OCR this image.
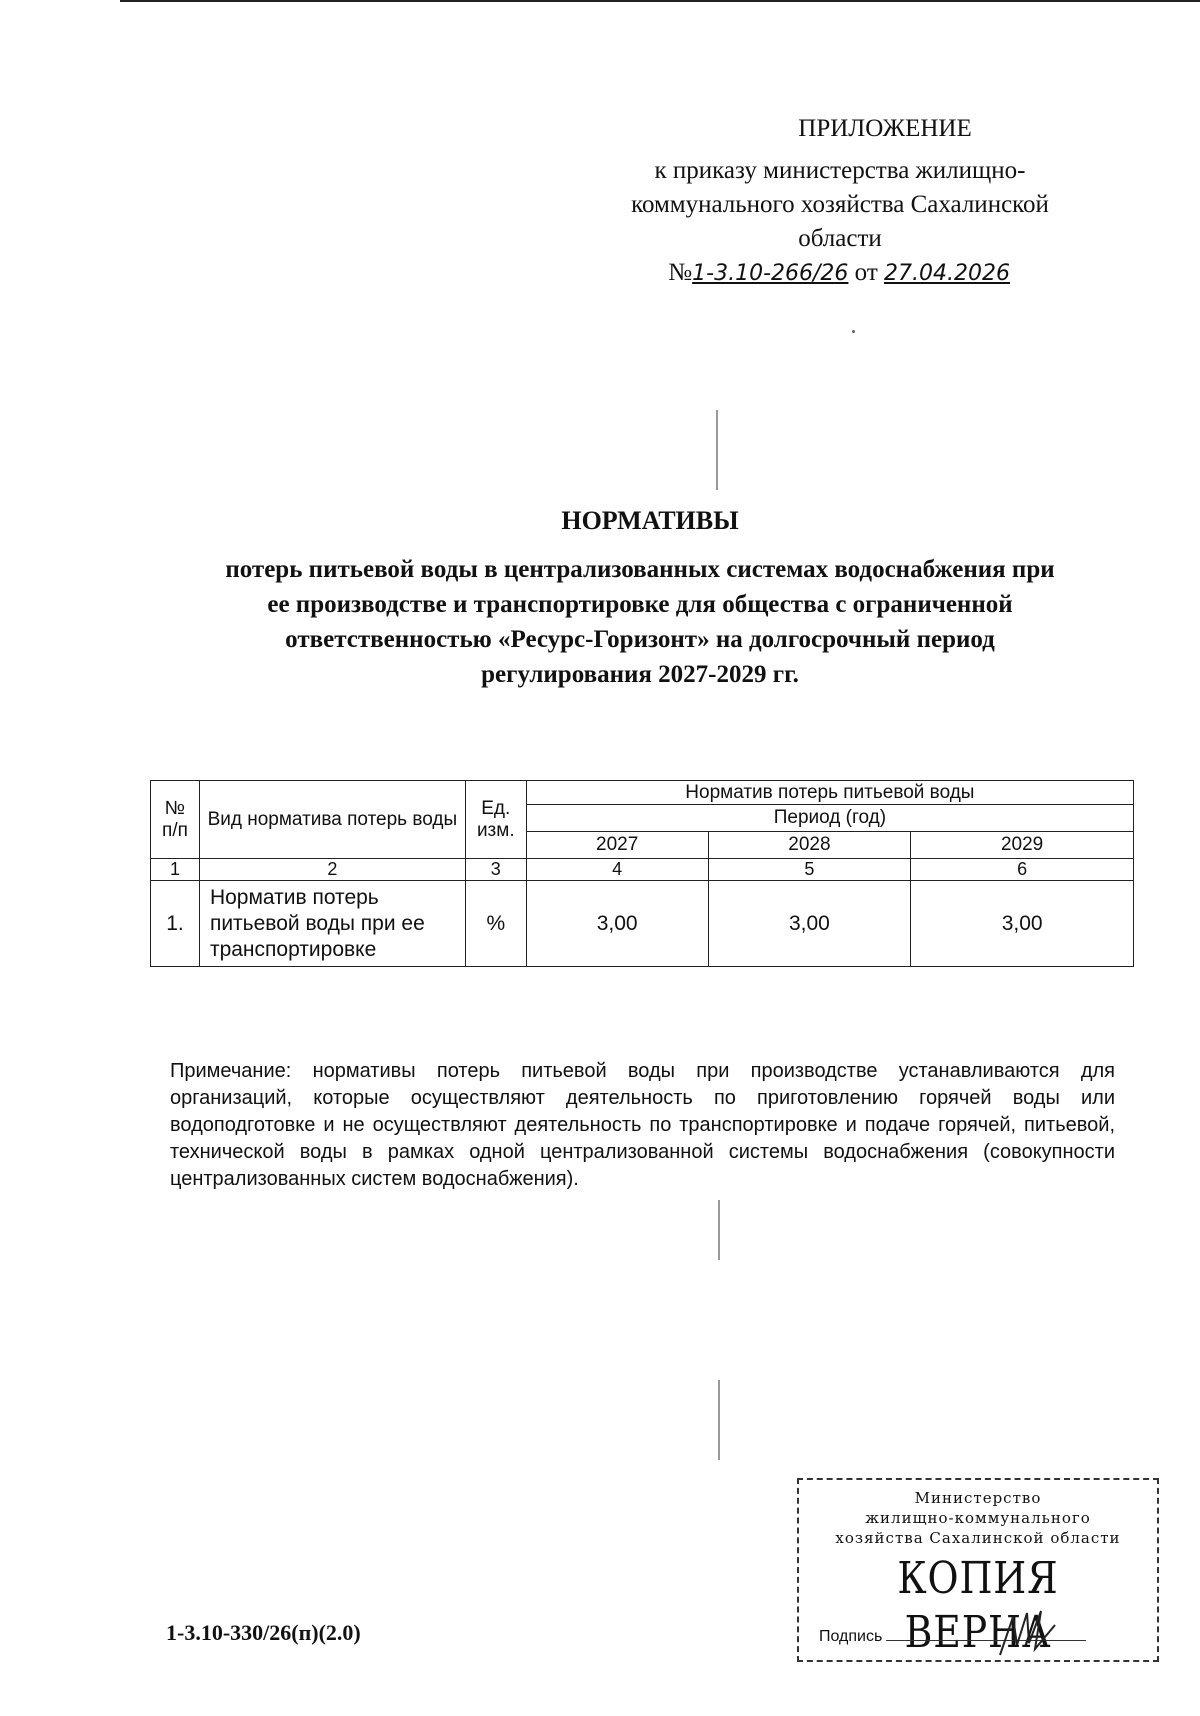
ПРИЛОЖЕНИЕ
к приказу министерства жилищно-
коммунального хозяйства Сахалинской
области
№1-3.10-266/26 от 27.04.2026
НОРМАТИВЫ
потерь питьевой воды в централизованных системах водоснабжения при
ее производстве и транспортировке для общества с ограниченной
ответственностью «Ресурс-Горизонт» на долгосрочный период
регулирования 2027-2029 гг.
№ п/п	Вид норматива потерь воды	Ед. изм.	Норматив потерь питьевой воды		
			Период (год)		
			2027	2028	2029
1	2	3	4	5	6
1.	Норматив потерь питьевой воды при ее транспортировке	%	3,00	3,00	3,00
Примечание: нормативы потерь питьевой воды при производстве устанавливаются для организаций, которые осуществляют деятельность по приготовлению горячей воды или водоподготовке и не осуществляют деятельность по транспортировке и подаче горячей, питьевой, технической воды в рамках одной централизованной системы водоснабжения (совокупности централизованных систем водоснабжения).
Министерство
жилищно-коммунального
хозяйства Сахалинской области
КОПИЯ ВЕРНА
Подпись
1-3.10-330/26(п)(2.0)
